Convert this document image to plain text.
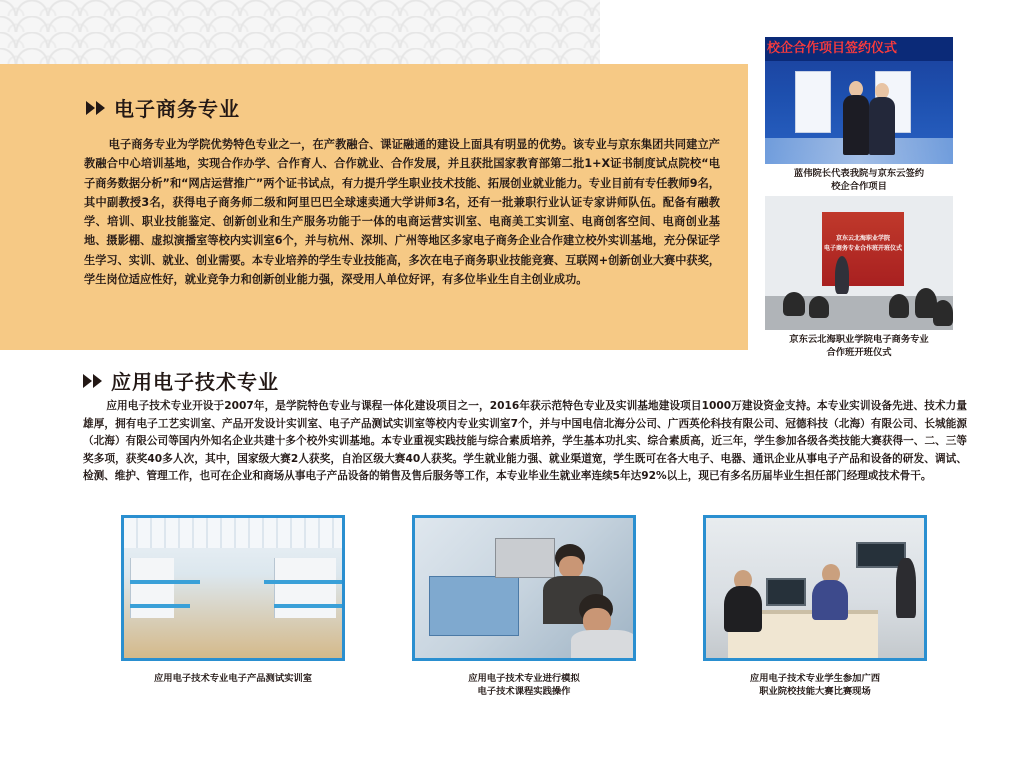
电子商务专业

电子商务专业为学院优势特色专业之一，在产教融合、课证融通的建设上面具有明显的优势。该专业与京东集团共同建立产教融合中心培训基地，实现合作办学、合作育人、合作就业、合作发展，并且获批国家教育部第二批1+X证书制度试点院校“电子商务数据分析”和“网店运营推广”两个证书试点，有力提升学生职业技术技能、拓展创业就业能力。专业目前有专任教师9名，其中副教授3名，获得电子商务师二级和阿里巴巴全球速卖通大学讲师3名，还有一批兼职行业认证专家讲师队伍。配备有融教学、培训、职业技能鉴定、创新创业和生产服务功能于一体的电商运营实训室、电商美工实训室、电商创客空间、电商创业基地、摄影棚、虚拟演播室等校内实训室6个，并与杭州、深圳、广州等地区多家电子商务企业合作建立校外实训基地，充分保证学生学习、实训、就业、创业需要。本专业培养的学生专业技能高，多次在电子商务职业技能竞赛、互联网+创新创业大赛中获奖，学生岗位适应性好，就业竞争力和创新创业能力强，深受用人单位好评，有多位毕业生自主创业成功。

校企合作项目签约仪式
蓝伟院长代表我院与京东云签约
校企合作项目
京东云北海职业学院
电子商务专业合作班开班仪式
京东云北海职业学院电子商务专业
合作班开班仪式
应用电子技术专业

应用电子技术专业开设于2007年，是学院特色专业与课程一体化建设项目之一，2016年获示范特色专业及实训基地建设项目1000万建设资金支持。本专业实训设备先进、技术力量雄厚，拥有电子工艺实训室、产品开发设计实训室、电子产品测试实训室等校内专业实训室7个，并与中国电信北海分公司、广西英伦科技有限公司、冠德科技（北海）有限公司、长城能源（北海）有限公司等国内外知名企业共建十多个校外实训基地。本专业重视实践技能与综合素质培养，学生基本功扎实、综合素质高，近三年，学生参加各级各类技能大赛获得一、二、三等奖多项，获奖40多人次，其中，国家级大赛2人获奖，自治区级大赛40人获奖。学生就业能力强、就业渠道宽，学生既可在各大电子、电器、通讯企业从事电子产品和设备的研发、调试、检测、维护、管理工作，也可在企业和商场从事电子产品设备的销售及售后服务等工作，本专业毕业生就业率连续5年达92%以上，现已有多名历届毕业生担任部门经理或技术骨干。

应用电子技术专业电子产品测试实训室	应用电子技术专业进行模拟
电子技术课程实践操作
应用电子技术专业学生参加广西
职业院校技能大赛比赛现场
